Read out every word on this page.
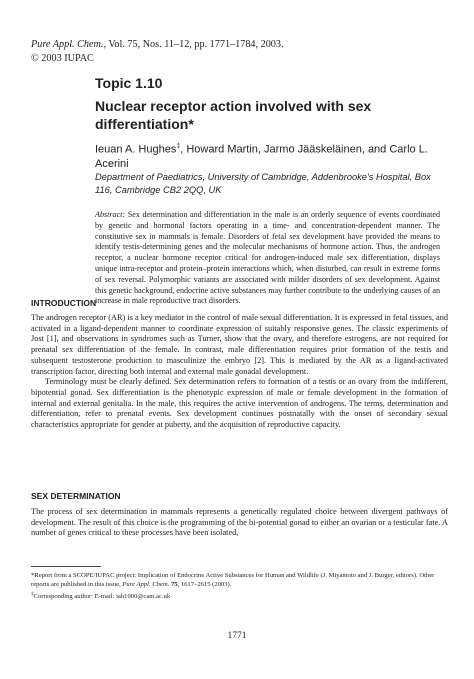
Pure Appl. Chem., Vol. 75, Nos. 11–12, pp. 1771–1784, 2003.
© 2003 IUPAC
Topic 1.10
Nuclear receptor action involved with sex differentiation*
Ieuan A. Hughes‡, Howard Martin, Jarmo Jääskeläinen, and Carlo L. Acerini
Department of Paediatrics, University of Cambridge, Addenbrooke's Hospital, Box 116, Cambridge CB2 2QQ, UK
Abstract: Sex determination and differentiation in the male is an orderly sequence of events coordinated by genetic and hormonal factors operating in a time- and concentration-dependent manner. The constitutive sex in mammals is female. Disorders of fetal sex development have provided the means to identify testis-determining genes and the molecular mechanisms of hormone action. Thus, the androgen receptor, a nuclear hormone receptor critical for androgen-induced male sex differentiation, displays unique intra-receptor and protein–protein interactions which, when disturbed, can result in extreme forms of sex reversal. Polymorphic variants are associated with milder disorders of sex development. Against this genetic background, endocrine active substances may further contribute to the underlying causes of an increase in male reproductive tract disorders.
INTRODUCTION

The androgen receptor (AR) is a key mediator in the control of male sexual differentiation. It is expressed in fetal tissues, and activated in a ligand-dependent manner to coordinate expression of suitably responsive genes. The classic experiments of Jost [1], and observations in syndromes such as Turner, show that the ovary, and therefore estrogens, are not required for prenatal sex differentiation of the female. In contrast, male differentiation requires prior formation of the testis and subsequent testosterone production to masculinize the embryo [2]. This is mediated by the AR as a ligand-activated transcription factor, directing both internal and external male gonadal development.

Terminology must be clearly defined. Sex determination refers to formation of a testis or an ovary from the indifferent, bipotential gonad. Sex differentiation is the phenotypic expression of male or female development in the formation of internal and external genitalia. In the male, this requires the active intervention of androgens. The terms, determination and differentiation, refer to prenatal events. Sex development continues postnatally with the onset of secondary sexual characteristics appropriate for gender at puberty, and the acquisition of reproductive capacity.

SEX DETERMINATION

The process of sex determination in mammals represents a genetically regulated choice between divergent pathways of development. The result of this choice is the programming of the bi-potential gonad to either an ovarian or a testicular fate. A number of genes critical to these processes have been isolated,

*Report from a SCOPE/IUPAC project: Implication of Endocrine Active Substances for Human and Wildlife (J. Miyamoto and J. Burger, editors). Other reports are published in this issue, Pure Appl. Chem. 75, 1617–2615 (2003).

‡Corresponding author: E-mail: iah1000@cam.ac.uk

1771
